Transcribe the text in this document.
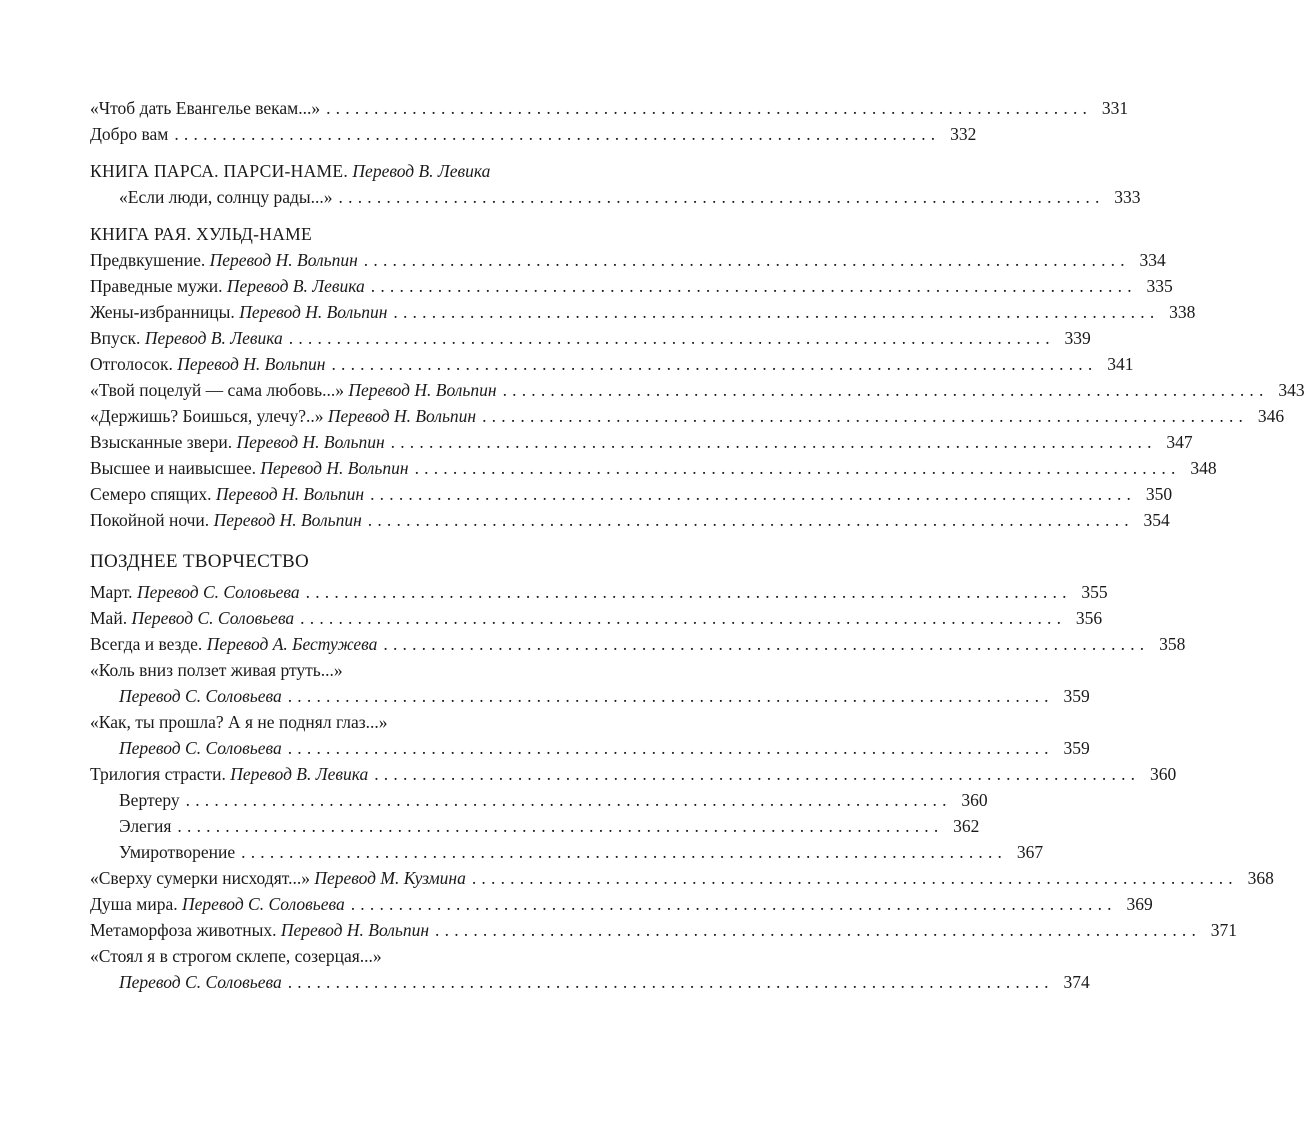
«Чтоб дать Евангелье векам...» ................................................................................ 331
Добро вам ................................................................................ 332
КНИГА ПАРСА. ПАРСИ-НАМЕ. Перевод В. Левика
«Если люди, солнцу рады...» ................................................................................ 333
КНИГА РАЯ. ХУЛЬД-НАМЕ
Предвкушение. Перевод Н. Вольпин ................................................................................ 334
Праведные мужи. Перевод В. Левика ................................................................................ 335
Жены-избранницы. Перевод Н. Вольпин ................................................................................ 338
Впуск. Перевод В. Левика ................................................................................ 339
Отголосок. Перевод Н. Вольпин ................................................................................ 341
«Твой поцелуй — сама любовь...» Перевод Н. Вольпин ................................................................................ 343
«Держишь? Боишься, улечу?..» Перевод Н. Вольпин ................................................................................ 346
Взысканные звери. Перевод Н. Вольпин ................................................................................ 347
Высшее и наивысшее. Перевод Н. Вольпин ................................................................................ 348
Семеро спящих. Перевод Н. Вольпин ................................................................................ 350
Покойной ночи. Перевод Н. Вольпин ................................................................................ 354
ПОЗДНЕЕ ТВОРЧЕСТВО
Март. Перевод С. Соловьева ................................................................................ 355
Май. Перевод С. Соловьева ................................................................................ 356
Всегда и везде. Перевод А. Бестужева ................................................................................ 358
«Коль вниз ползет живая ртуть...»
Перевод С. Соловьева ................................................................................ 359
«Как, ты прошла? А я не поднял глаз...»
Перевод С. Соловьева ................................................................................ 359
Трилогия страсти. Перевод В. Левика ................................................................................ 360
Вертеру ................................................................................ 360
Элегия ................................................................................ 362
Умиротворение ................................................................................ 367
«Сверху сумерки нисходят...» Перевод М. Кузмина ................................................................................ 368
Душа мира. Перевод С. Соловьева ................................................................................ 369
Метаморфоза животных. Перевод Н. Вольпин ................................................................................ 371
«Стоял я в строгом склепе, созерцая...»
Перевод С. Соловьева ................................................................................ 374
